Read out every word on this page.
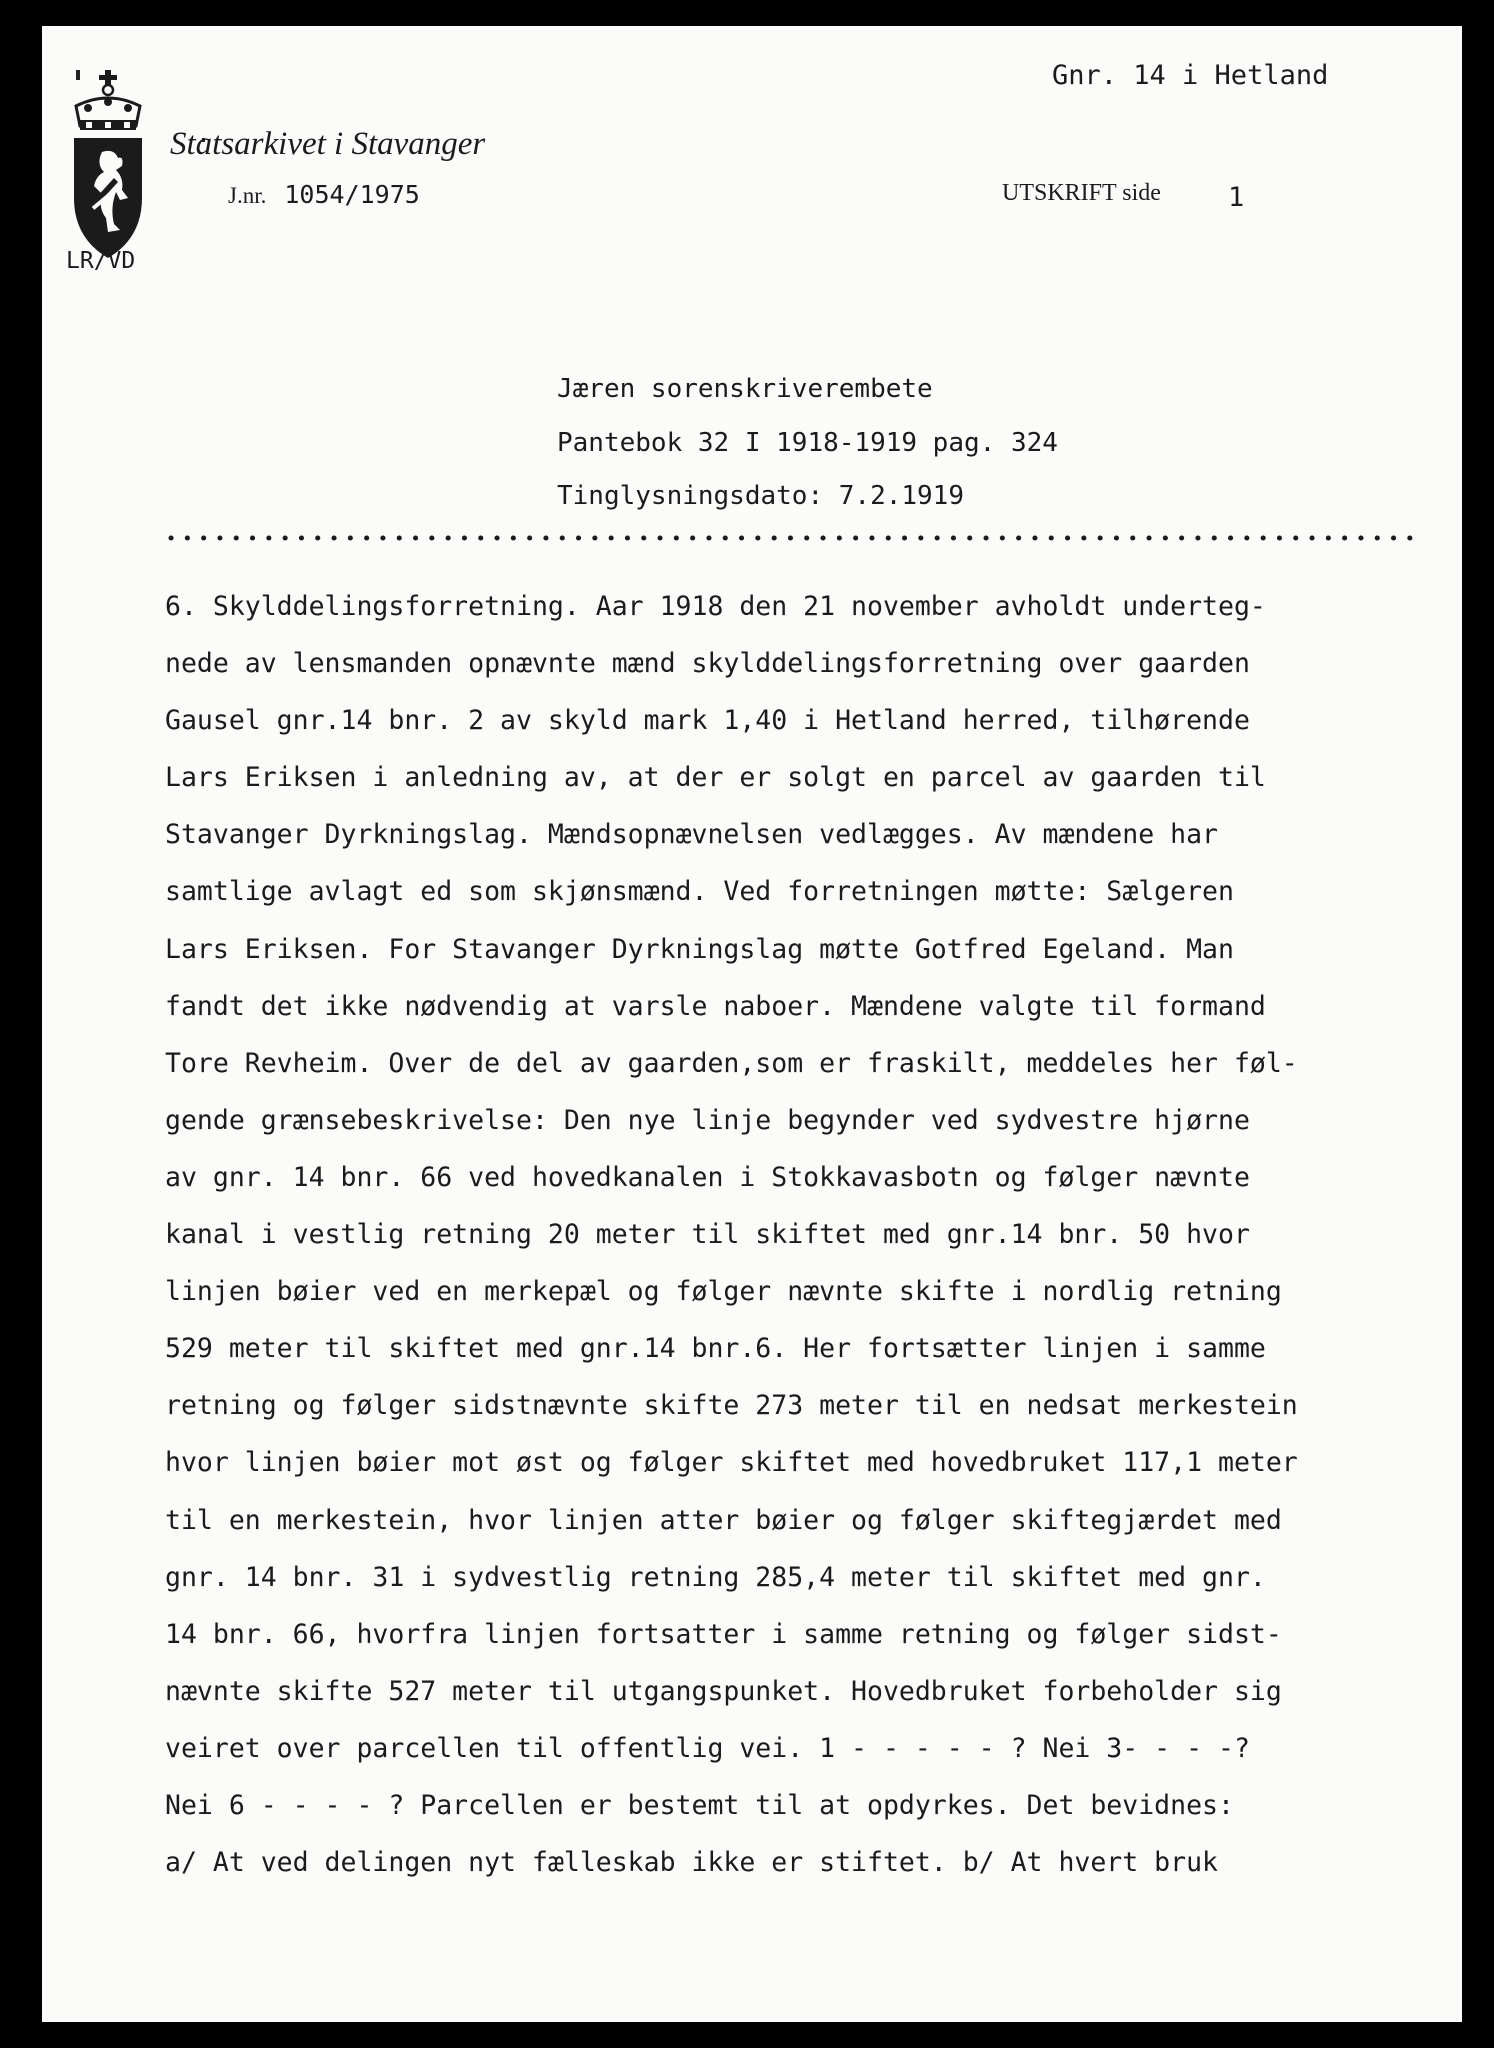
Statsarkivet i Stavanger
J.nr. 1054/1975
LR/VD
Gnr. 14 i Hetland
UTSKRIFT side 1
Jæren sorenskriverembete
Pantebok 32 I 1918-1919 pag. 324
Tinglysningsdato: 7.2.1919
6. Skylddelingsforretning. Aar 1918 den 21 november avholdt underteg-
nede av lensmanden opnævnte mænd skylddelingsforretning over gaarden
Gausel gnr.14 bnr. 2 av skyld mark 1,40 i Hetland herred, tilhørende
Lars Eriksen i anledning av, at der er solgt en parcel av gaarden til
Stavanger Dyrkningslag. Mændsopnævnelsen vedlægges. Av mændene har
samtlige avlagt ed som skjønsmænd. Ved forretningen møtte: Sælgeren
Lars Eriksen. For Stavanger Dyrkningslag møtte Gotfred Egeland. Man
fandt det ikke nødvendig at varsle naboer. Mændene valgte til formand
Tore Revheim. Over de del av gaarden,som er fraskilt, meddeles her føl-
gende grænsebeskrivelse: Den nye linje begynder ved sydvestre hjørne
av gnr. 14 bnr. 66 ved hovedkanalen i Stokkavasbotn og følger nævnte
kanal i vestlig retning 20 meter til skiftet med gnr.14 bnr. 50 hvor
linjen bøier ved en merkepæl og følger nævnte skifte i nordlig retning
529 meter til skiftet med gnr.14 bnr.6. Her fortsætter linjen i samme
retning og følger sidstnævnte skifte 273 meter til en nedsat merkestein
hvor linjen bøier mot øst og følger skiftet med hovedbruket 117,1 meter
til en merkestein, hvor linjen atter bøier og følger skiftegjærdet med
gnr. 14 bnr. 31 i sydvestlig retning 285,4 meter til skiftet med gnr.
14 bnr. 66, hvorfra linjen fortsatter i samme retning og følger sidst-
nævnte skifte 527 meter til utgangspunket. Hovedbruket forbeholder sig
veiret over parcellen til offentlig vei. 1 - - - - - ? Nei 3- - - -?
Nei 6 - - - - ? Parcellen er bestemt til at opdyrkes. Det bevidnes:
a/ At ved delingen nyt fælleskab ikke er stiftet. b/ At hvert bruk
